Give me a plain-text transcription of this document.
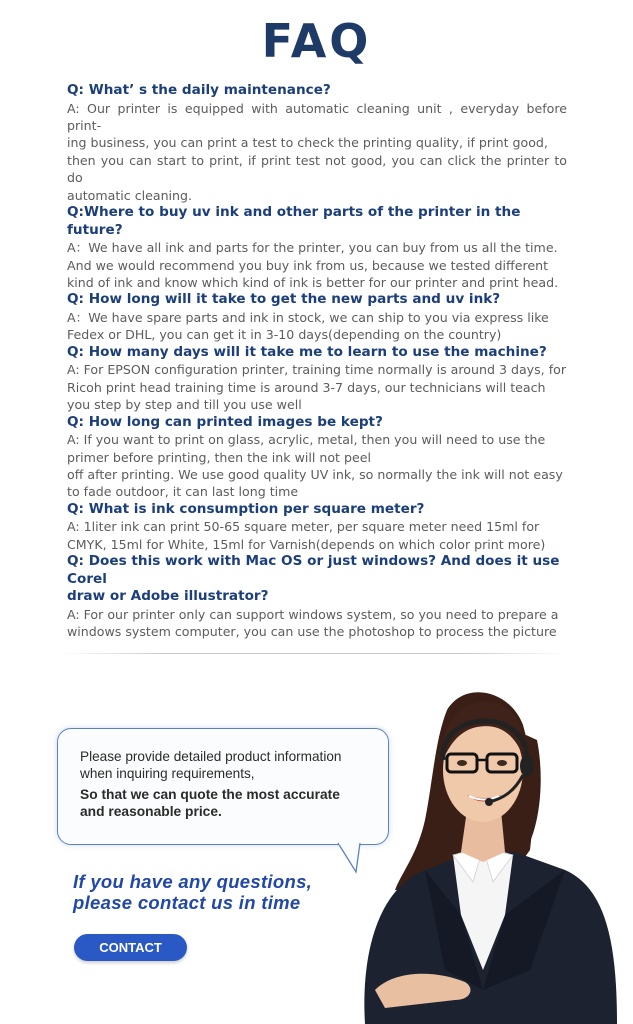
FAQ
Q: What’ s the daily maintenance?
A: Our printer is equipped with automatic cleaning unit , everyday before print-
ing business, you can print a test to check the printing quality, if print good,
then you can start to print, if print test not good, you can click the printer to do
automatic cleaning.
Q:Where to buy uv ink and other parts of the printer in the future?
A：We have all ink and parts for the printer, you can buy from us all the time.
And we would recommend you buy ink from us, because we tested different
kind of ink and know which kind of ink is better for our printer and print head.
Q: How long will it take to get the new parts and uv ink?
A：We have spare parts and ink in stock, we can ship to you via express like
Fedex or DHL, you can get it in 3-10 days(depending on the country)
Q: How many days will it take me to learn to use the machine?
A: For EPSON configuration printer, training time normally is around 3 days, for
Ricoh print head training time is around 3-7 days, our technicians will teach
you step by step and till you use well
Q: How long can printed images be kept?
A: If you want to print on glass, acrylic, metal, then you will need to use the
primer before printing, then the ink will not peel
off after printing. We use good quality UV ink, so normally the ink will not easy
to fade outdoor, it can last long time
Q: What is ink consumption per square meter?
A: 1liter ink can print 50-65 square meter, per square meter need 15ml for
CMYK, 15ml for White, 15ml for Varnish(depends on which color print more)
Q: Does this work with Mac OS or just windows? And does it use Corel
draw or Adobe illustrator?
A: For our printer only can support windows system, so you need to prepare a
windows system computer, you can use the photoshop to process the picture
Please provide detailed product information
when inquiring requirements,
So that we can quote the most accurate
and reasonable price.
If you have any questions,
please contact us in time
CONTACT
